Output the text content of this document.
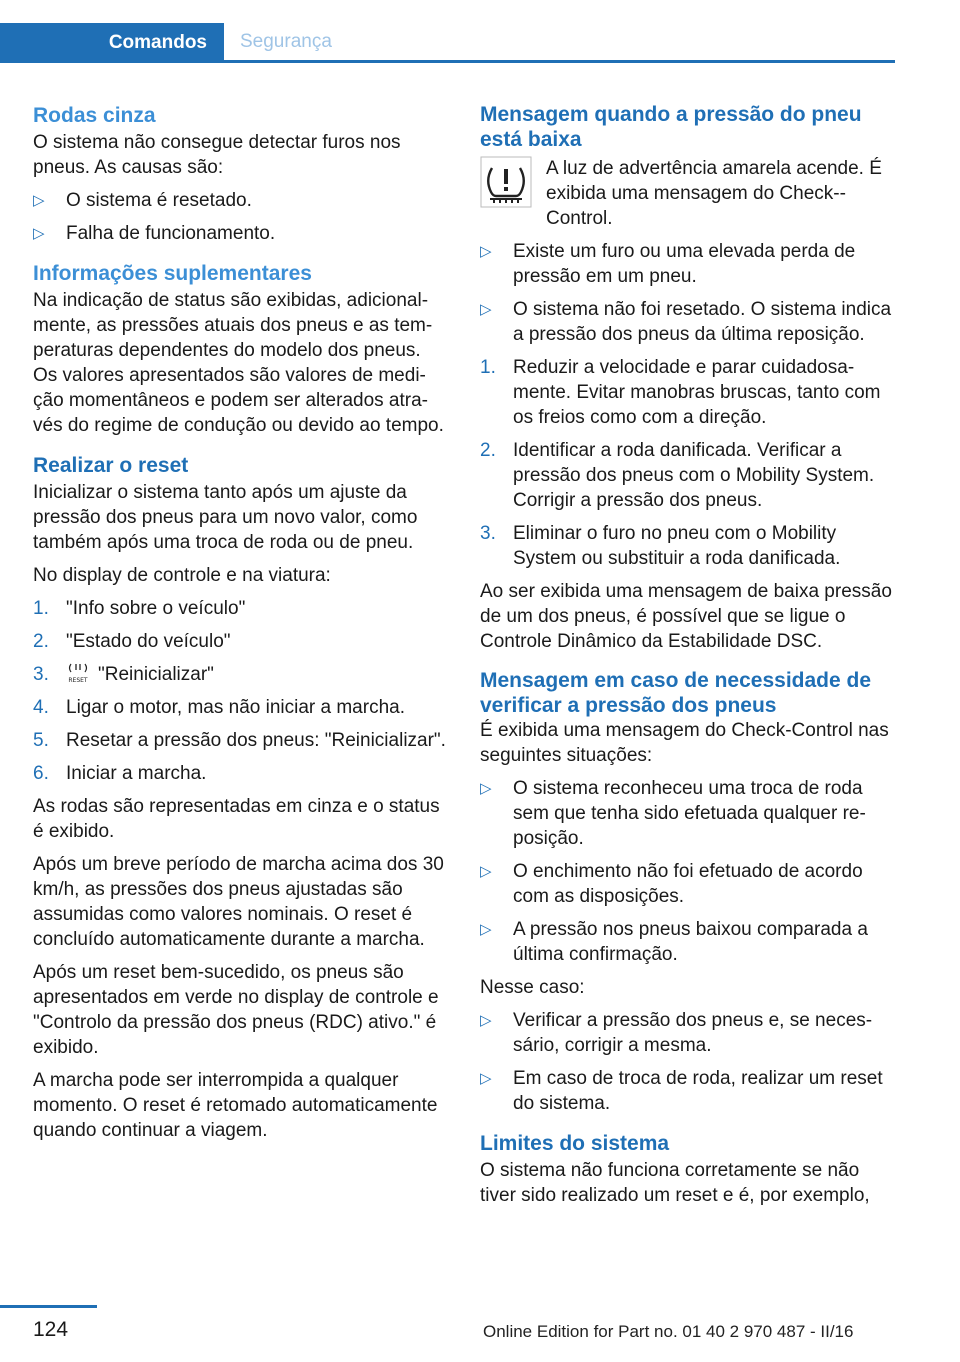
Comandos	Segurança
Rodas cinza

O sistema não consegue detectar furos nos pneus. As causas são:

▷ O sistema é resetado.
▷ Falha de funcionamento.
Informações suplementares

Na indicação de status são exibidas, adicionalmente, as pressões atuais dos pneus e as temperaturas dependentes do modelo dos pneus. Os valores apresentados são valores de medição momentâneos e podem ser alterados através do regime de condução ou devido ao tempo.

Realizar o reset

Inicializar o sistema tanto após um ajuste da pressão dos pneus para um novo valor, como também após uma troca de roda ou de pneu.

No display de controle e na viatura:

1. "Info sobre o veículo"
2. "Estado do veículo"
3.	RESET "Reinicializar"
4. Ligar o motor, mas não iniciar a marcha.
5. Resetar a pressão dos pneus: "Reinicializar".
6. Iniciar a marcha.

As rodas são representadas em cinza e o status é exibido.

Após um breve período de marcha acima dos 30 km/h, as pressões dos pneus ajustadas são assumidas como valores nominais. O reset é concluído automaticamente durante a marcha.

Após um reset bem-sucedido, os pneus são apresentados em verde no display de controle e "Controlo da pressão dos pneus (RDC) ativo." é exibido.

A marcha pode ser interrompida a qualquer momento. O reset é retomado automaticamente quando continuar a viagem.

Mensagem quando a pressão do pneu está baixa
A luz de advertência amarela acende. É exibida uma mensagem do Check-Control.
▷ Existe um furo ou uma elevada perda de pressão em um pneu.
▷ O sistema não foi resetado. O sistema indica a pressão dos pneus da última reposição.
1. Reduzir a velocidade e parar cuidadosamente. Evitar manobras bruscas, tanto com os freios como com a direção.
2. Identificar a roda danificada. Verificar a pressão dos pneus com o Mobility System. Corrigir a pressão dos pneus.
3. Eliminar o furo no pneu com o Mobility System ou substituir a roda danificada.

Ao ser exibida uma mensagem de baixa pressão de um dos pneus, é possível que se ligue o Controle Dinâmico da Estabilidade DSC.

Mensagem em caso de necessidade de verificar a pressão dos pneus

É exibida uma mensagem do Check-Control nas seguintes situações:

▷ O sistema reconheceu uma troca de roda sem que tenha sido efetuada qualquer reposição.
▷ O enchimento não foi efetuado de acordo com as disposições.
▷ A pressão nos pneus baixou comparada a última confirmação.

Nesse caso:

▷ Verificar a pressão dos pneus e, se necessário, corrigir a mesma.
▷ Em caso de troca de roda, realizar um reset do sistema.
Limites do sistema

O sistema não funciona corretamente se não tiver sido realizado um reset e é, por exemplo,

124	Online Edition for Part no. 01 40 2 970 487 - II/16
